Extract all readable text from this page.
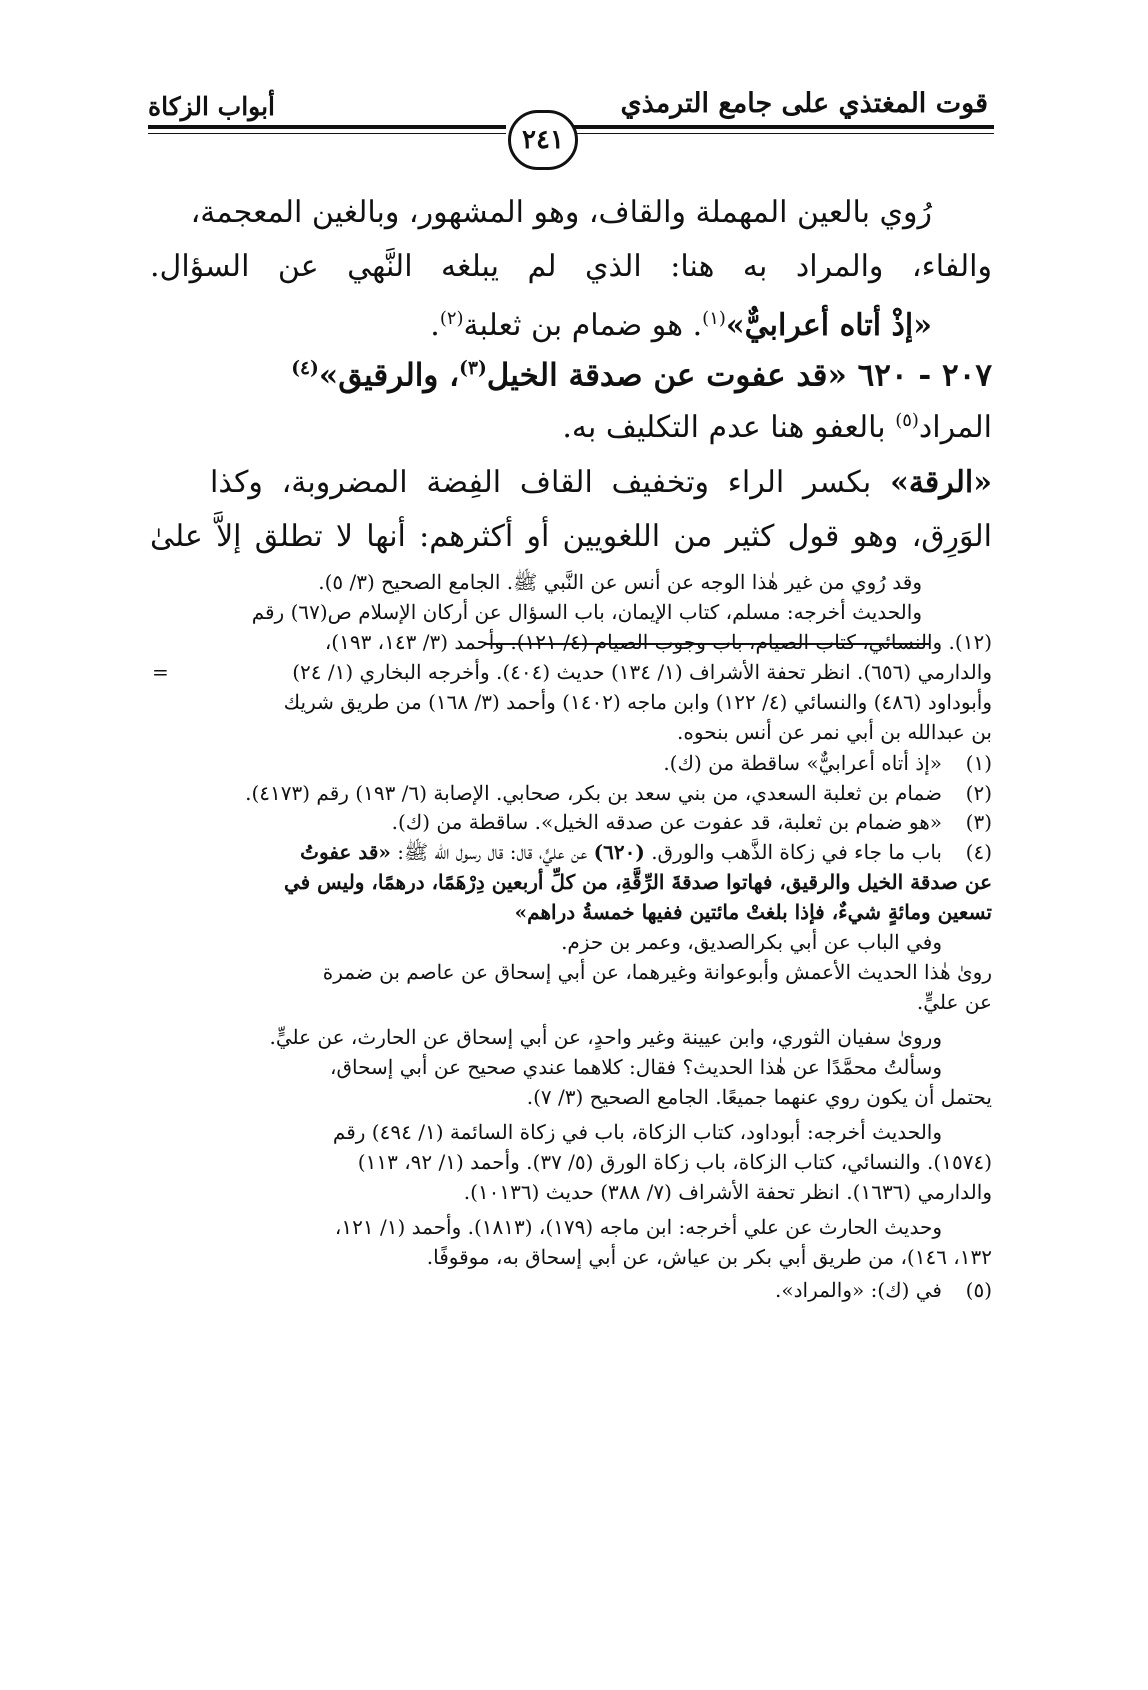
أبواب الزكاة	قوت المغتذي على جامع الترمذي
٢٤١
رُوي بالعين المهملة والقاف، وهو المشهور، وبالغين المعجمة،
والفاء، والمراد به هنا: الذي لم يبلغه النَّهي عن السؤال.
«إذْ أتاه أعرابيٌّ»$^{(١)}$. هو ضمام بن ثعلبة$^{(٢)}$.
٢٠٧ - ٦٢٠ «قد عفوت عن صدقة الخيل$^{(٣)}$، والرقيق»$^{(٤)}$
المراد$^{(٥)}$ بالعفو هنا عدم التكليف به.
«الرقة» بكسر الراء وتخفيف القاف الفِضة المضروبة، وكذا
الوَرِق، وهو قول كثير من اللغويين أو أكثرهم: أنها لا تطلق إلاَّ علىٰ
=
وقد رُوي من غير هٰذا الوجه عن أنس عن النَّبي ﷺ. الجامع الصحيح (٣/ ٥).
والحديث أخرجه: مسلم، كتاب الإيمان، باب السؤال عن أركان الإسلام ص(٦٧) رقم
(١٢). والنسائي، كتاب الصيام، باب وجوب الصيام (٤/ ١٢١). وأحمد (٣/ ١٤٣، ١٩٣)،
والدارمي (٦٥٦). انظر تحفة الأشراف (١/ ١٣٤) حديث (٤٠٤). وأخرجه البخاري (١/ ٢٤)
وأبوداود (٤٨٦) والنسائي (٤/ ١٢٢) وابن ماجه (١٤٠٢) وأحمد (٣/ ١٦٨) من طريق شريك
بن عبدالله بن أبي نمر عن أنس بنحوه.
(١)
«إذ أتاه أعرابيٌّ» ساقطة من (ك).
(٢)
ضمام بن ثعلبة السعدي، من بني سعد بن بكر، صحابي. الإصابة (٦/ ١٩٣) رقم (٤١٧٣).
(٣)
«هو ضمام بن ثعلبة، قد عفوت عن صدقه الخيل». ساقطة من (ك).
(٤)
باب ما جاء في زكاة الذَّهب والورق. (٦٢٠) عن عليٍّ، قال: قال رسول الله ﷺ: «قد عفوتُ
عن صدقة الخيل والرقيق، فهاتوا صدقةَ الرِّقَّةِ، من كلِّ أربعين دِرْهَمًا، درهمًا، وليس في
تسعين ومائةٍ شيءٌ، فإذا بلغتْ مائتين ففيها خمسةُ دراهم»
وفي الباب عن أبي بكرالصديق، وعمر بن حزم.
روىٰ هٰذا الحديث الأعمش وأبوعوانة وغيرهما، عن أبي إسحاق عن عاصم بن ضمرة
عن عليٍّ.
ورویٰ سفيان الثوري، وابن عيينة وغير واحدٍ، عن أبي إسحاق عن الحارث، عن عليٍّ.
وسألتُ محمَّدًا عن هٰذا الحديث؟ فقال: كلاهما عندي صحيح عن أبي إسحاق،
يحتمل أن يكون روي عنهما جميعًا. الجامع الصحيح (٣/ ٧).
والحديث أخرجه: أبوداود، كتاب الزكاة، باب في زكاة السائمة (١/ ٤٩٤) رقم
(١٥٧٤). والنسائي، كتاب الزكاة، باب زكاة الورق (٥/ ٣٧). وأحمد (١/ ٩٢، ١١٣)
والدارمي (١٦٣٦). انظر تحفة الأشراف (٧/ ٣٨٨) حديث (١٠١٣٦).
وحديث الحارث عن علي أخرجه: ابن ماجه (١٧٩)، (١٨١٣). وأحمد (١/ ١٢١،
١٣٢، ١٤٦)، من طريق أبي بكر بن عياش، عن أبي إسحاق به، موقوفًا.
(٥)
في (ك): «والمراد».
